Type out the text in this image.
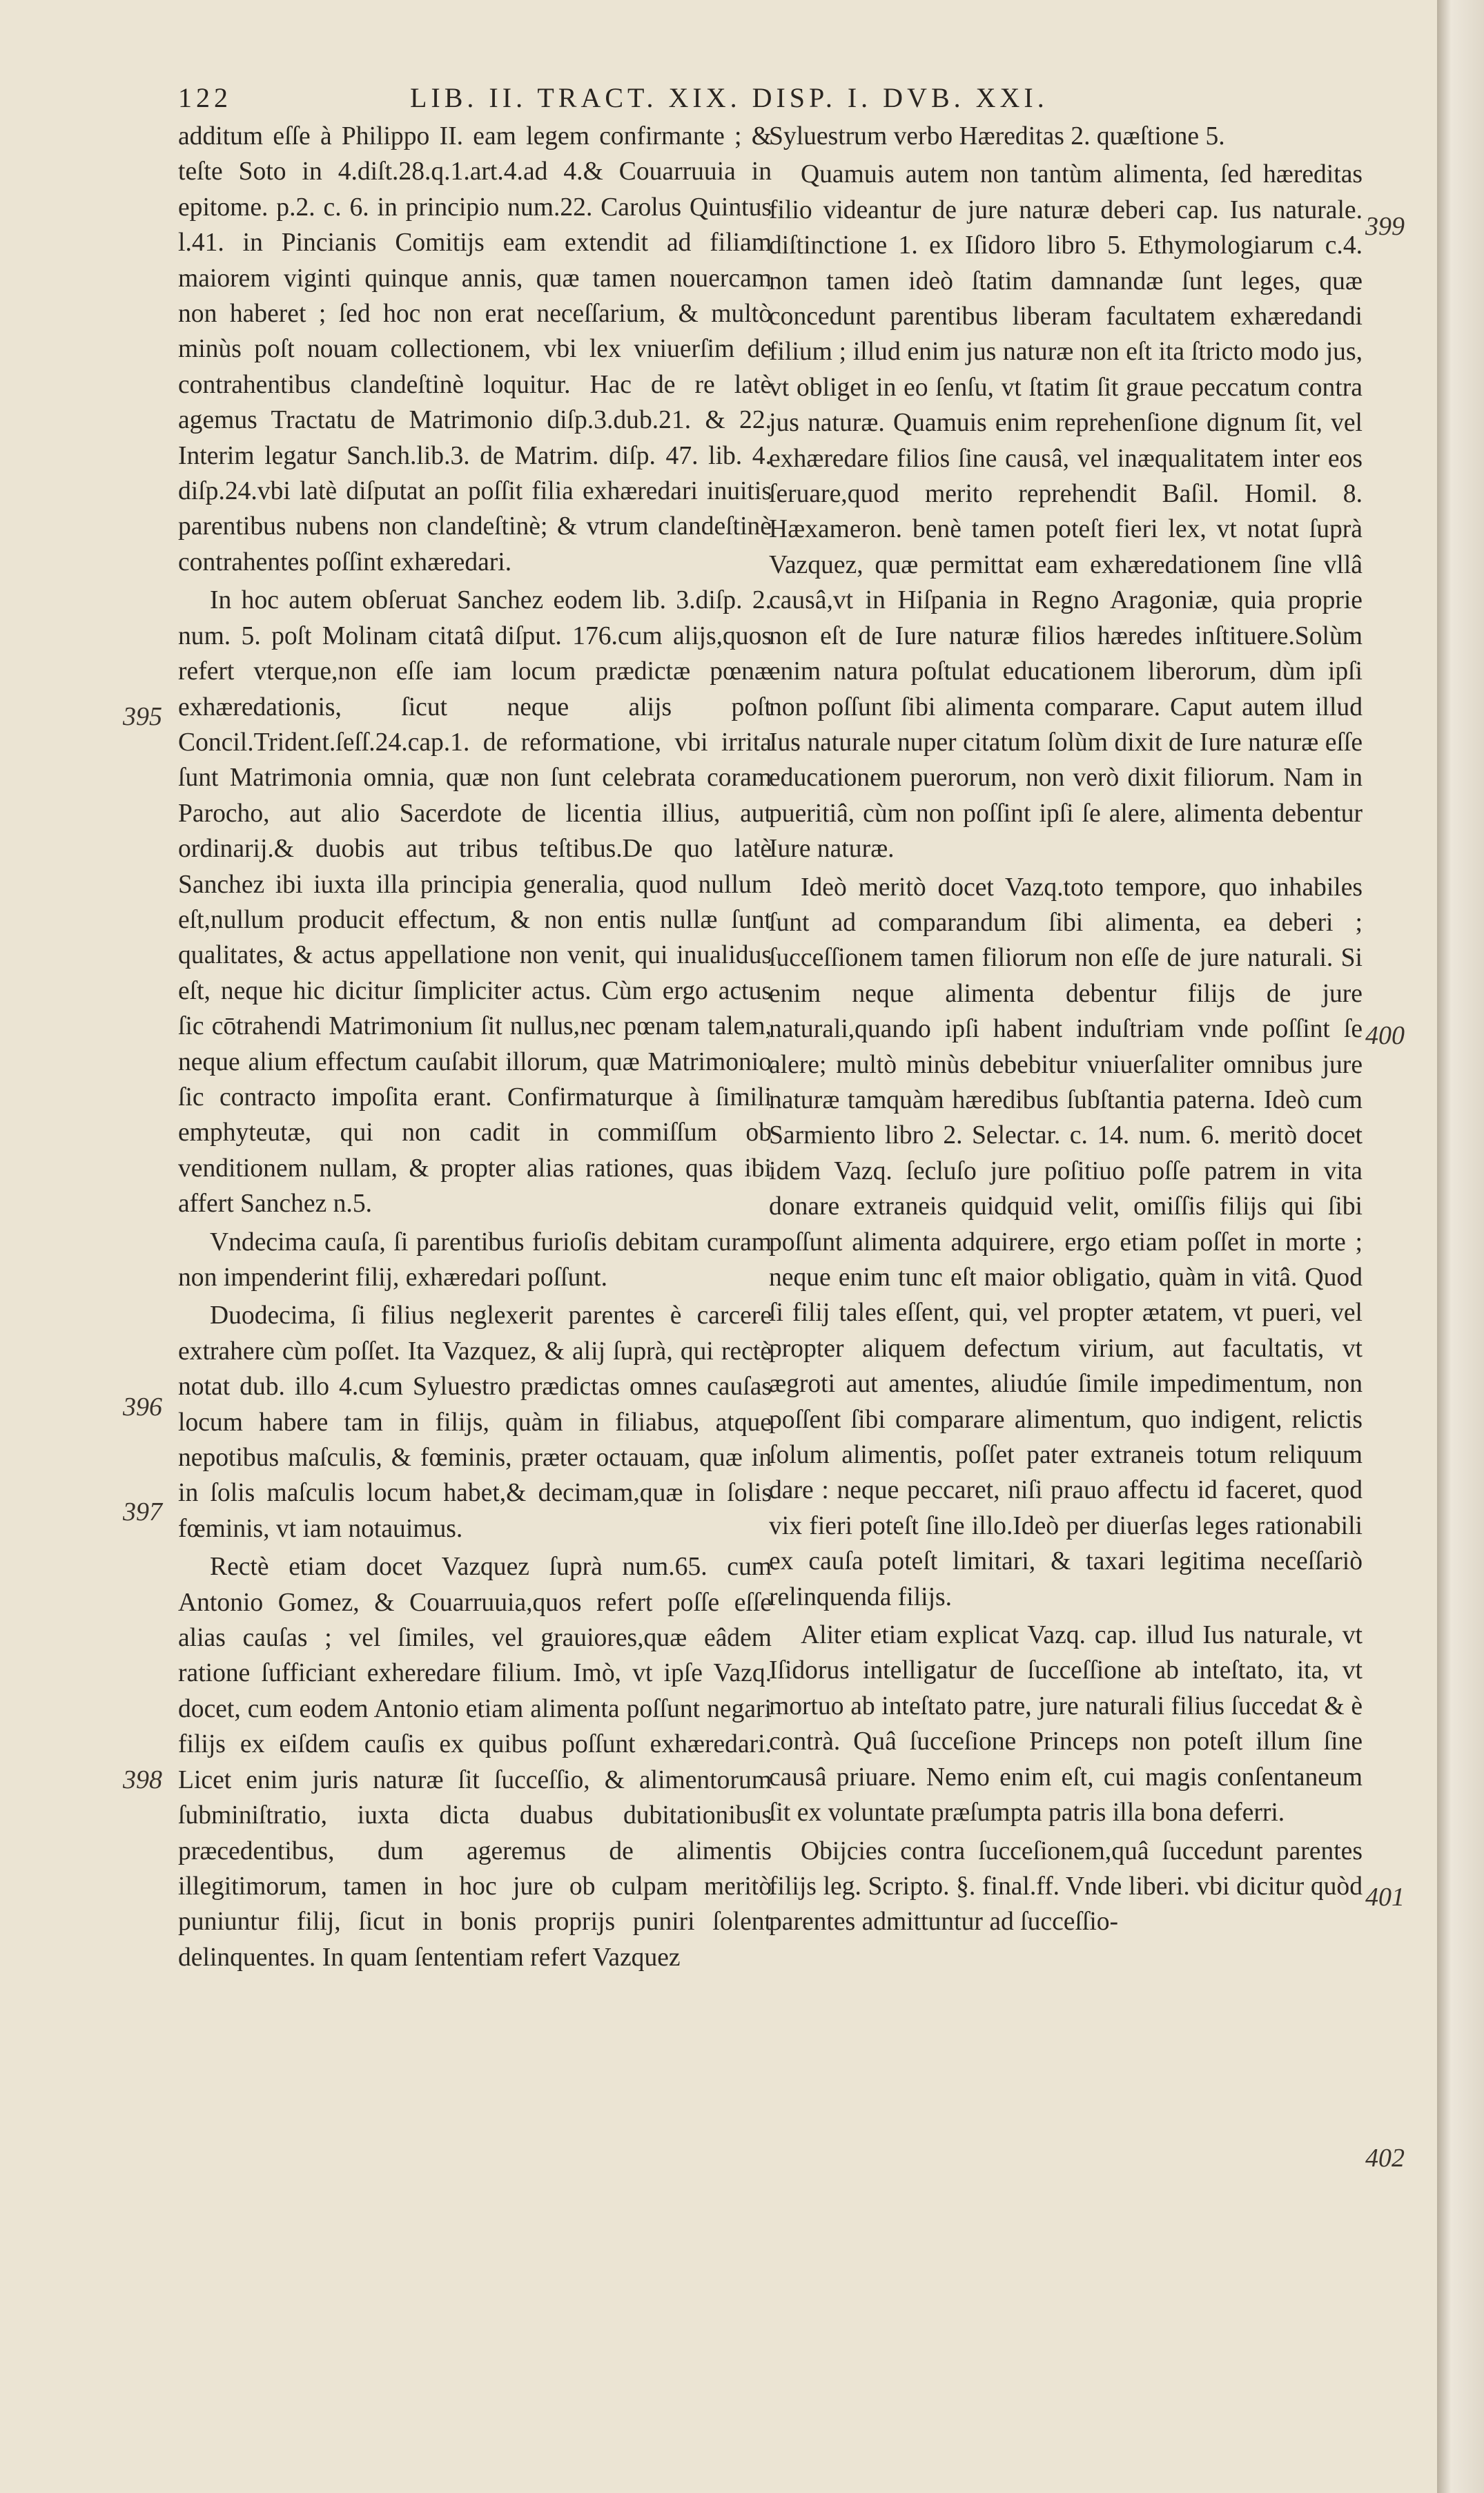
122	LIB. II. TRACT. XIX. DISP. I. DVB. XXI.

additum eſſe à Philippo II. eam legem confirmante ; & teſte Soto in 4.diſt.28.q.1.art.4.ad 4.& Couarruuia in epitome. p.2. c. 6. in principio num.22. Carolus Quintus l.41. in Pincianis Comitijs eam extendit ad filiam maiorem viginti quinque annis, quæ tamen nouercam non haberet ; ſed hoc non erat neceſſarium, & multò minùs poſt nouam collectionem, vbi lex vniuerſim de contrahentibus clandeſtinè loquitur. Hac de re latè agemus Tractatu de Matrimonio diſp.3.dub.21. & 22. Interim legatur Sanch.lib.3. de Matrim. diſp. 47. lib. 4. diſp.24.vbi latè diſputat an poſſit filia exhæredari inuitis parentibus nubens non clandeſtinè; & vtrum clandeſtinè contrahentes poſſint exhæredari.

In hoc autem obſeruat Sanchez eodem lib. 3.diſp. 2. num. 5. poſt Molinam citatâ diſput. 176.cum alijs,quos refert vterque,non eſſe iam locum prædictæ pœnæ exhæredationis, ſicut neque alijs poſt Concil.Trident.ſeſſ.24.cap.1. de reformatione, vbi irrita ſunt Matrimonia omnia, quæ non ſunt celebrata coram Parocho, aut alio Sacerdote de licentia illius, aut ordinarij.& duobis aut tribus teſtibus.De quo latè Sanchez ibi iuxta illa principia generalia, quod nullum eſt,nullum producit effectum, & non entis nullæ ſunt qualitates, & actus appellatione non venit, qui inualidus eſt, neque hic dicitur ſimpliciter actus. Cùm ergo actus ſic cōtrahendi Matrimonium ſit nullus,nec pœnam talem, neque alium effectum cauſabit illorum, quæ Matrimonio ſic contracto impoſita erant. Confirmaturque à ſimili emphyteutæ, qui non cadit in commiſſum ob venditionem nullam, & propter alias rationes, quas ibi affert Sanchez n.5.

Vndecima cauſa, ſi parentibus furioſis debitam curam non impenderint filij, exhæredari poſſunt.

Duodecima, ſi filius neglexerit parentes è carcere extrahere cùm poſſet. Ita Vazquez, & alij ſuprà, qui rectè notat dub. illo 4.cum Syluestro prædictas omnes cauſas locum habere tam in filijs, quàm in filiabus, atque nepotibus maſculis, & fœminis, præter octauam, quæ in in ſolis maſculis locum habet,& decimam,quæ in ſolis fœminis, vt iam notauimus.

Rectè etiam docet Vazquez ſuprà num.65. cum Antonio Gomez, & Couarruuia,quos refert poſſe eſſe alias cauſas ; vel ſimiles, vel grauiores,quæ eâdem ratione ſufficiant exheredare filium. Imò, vt ipſe Vazq. docet, cum eodem Antonio etiam alimenta poſſunt negari filijs ex eiſdem cauſis ex quibus poſſunt exhæredari. Licet enim juris naturæ ſit ſucceſſio, & alimentorum ſubminiſtratio, iuxta dicta duabus dubitationibus præcedentibus, dum ageremus de alimentis illegitimorum, tamen in hoc jure ob culpam meritò puniuntur filij, ſicut in bonis proprijs puniri ſolent delinquentes. In quam ſententiam refert Vazquez

Syluestrum verbo Hæreditas 2. quæſtione 5.

Quamuis autem non tantùm alimenta, ſed hæreditas filio videantur de jure naturæ deberi cap. Ius naturale. diſtinctione 1. ex Iſidoro libro 5. Ethymologiarum c.4. non tamen ideò ſtatim damnandæ ſunt leges, quæ concedunt parentibus liberam facultatem exhæredandi filium ; illud enim jus naturæ non eſt ita ſtricto modo jus, vt obliget in eo ſenſu, vt ſtatim ſit graue peccatum contra jus naturæ. Quamuis enim reprehenſione dignum ſit, vel exhæredare filios ſine causâ, vel inæqualitatem inter eos ſeruare,quod merito reprehendit Baſil. Homil. 8. Hæxameron. benè tamen poteſt fieri lex, vt notat ſuprà Vazquez, quæ permittat eam exhæredationem ſine vllâ causâ,vt in Hiſpania in Regno Aragoniæ, quia proprie non eſt de Iure naturæ filios hæredes inſtituere.Solùm enim natura poſtulat educationem liberorum, dùm ipſi non poſſunt ſibi alimenta comparare. Caput autem illud Ius naturale nuper citatum ſolùm dixit de Iure naturæ eſſe educationem puerorum, non verò dixit filiorum. Nam in pueritiâ, cùm non poſſint ipſi ſe alere, alimenta debentur Iure naturæ.

Ideò meritò docet Vazq.toto tempore, quo inhabiles ſunt ad comparandum ſibi alimenta, ea deberi ; ſucceſſionem tamen filiorum non eſſe de jure naturali. Si enim neque alimenta debentur filijs de jure naturali,quando ipſi habent induſtriam vnde poſſint ſe alere; multò minùs debebitur vniuerſaliter omnibus jure naturæ tamquàm hæredibus ſubſtantia paterna. Ideò cum Sarmiento libro 2. Selectar. c. 14. num. 6. meritò docet idem Vazq. ſecluſo jure poſitiuo poſſe patrem in vita donare extraneis quidquid velit, omiſſis filijs qui ſibi poſſunt alimenta adquirere, ergo etiam poſſet in morte ; neque enim tunc eſt maior obligatio, quàm in vitâ. Quod ſi filij tales eſſent, qui, vel propter ætatem, vt pueri, vel propter aliquem defectum virium, aut facultatis, vt ægroti aut amentes, aliudúe ſimile impedimentum, non poſſent ſibi comparare alimentum, quo indigent, relictis ſolum alimentis, poſſet pater extraneis totum reliquum dare : neque peccaret, niſi prauo affectu id faceret, quod vix fieri poteſt ſine illo.Ideò per diuerſas leges rationabili ex cauſa poteſt limitari, & taxari legitima neceſſariò relinquenda filijs.

Aliter etiam explicat Vazq. cap. illud Ius naturale, vt Iſidorus intelligatur de ſucceſſione ab inteſtato, ita, vt mortuo ab inteſtato patre, jure naturali filius ſuccedat & è contrà. Quâ ſucceſione Princeps non poteſt illum ſine causâ priuare. Nemo enim eſt, cui magis conſentaneum ſit ex voluntate præſumpta patris illa bona deferri.

Obijcies contra ſucceſionem,quâ ſuccedunt parentes filijs leg. Scripto. §. final.ff. Vnde liberi. vbi dicitur quòd parentes admittuntur ad ſucceſſio-

395
396
397
398
399
400
401
402
